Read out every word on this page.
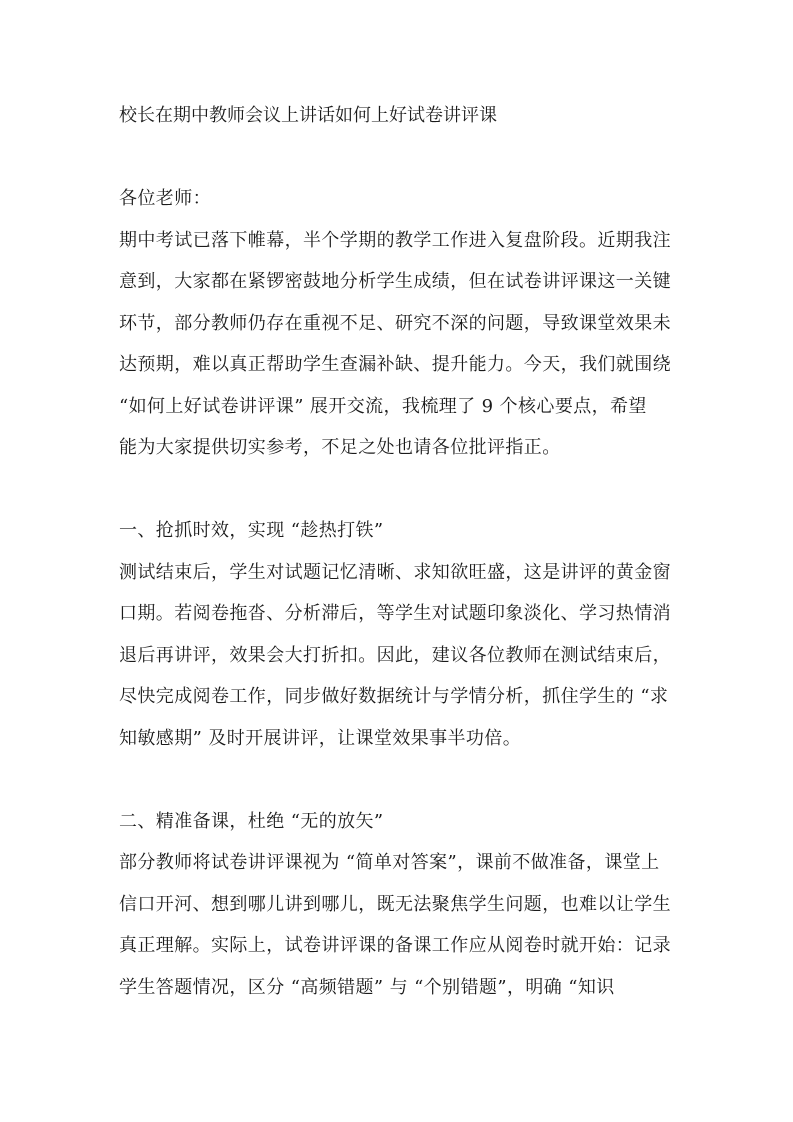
校长在期中教师会议上讲话如何上好试卷讲评课
各位老师：
期中考试已落下帷幕，半个学期的教学工作进入复盘阶段。近期我注
意到，大家都在紧锣密鼓地分析学生成绩，但在试卷讲评课这一关键
环节，部分教师仍存在重视不足、研究不深的问题，导致课堂效果未
达预期，难以真正帮助学生查漏补缺、提升能力。今天，我们就围绕
“如何上好试卷讲评课” 展开交流，我梳理了 9 个核心要点，希望
能为大家提供切实参考，不足之处也请各位批评指正。
一、抢抓时效，实现 “趁热打铁”
测试结束后，学生对试题记忆清晰、求知欲旺盛，这是讲评的黄金窗
口期。若阅卷拖沓、分析滞后，等学生对试题印象淡化、学习热情消
退后再讲评，效果会大打折扣。因此，建议各位教师在测试结束后，
尽快完成阅卷工作，同步做好数据统计与学情分析，抓住学生的 “求
知敏感期” 及时开展讲评，让课堂效果事半功倍。
二、精准备课，杜绝 “无的放矢”
部分教师将试卷讲评课视为 “简单对答案”，课前不做准备，课堂上
信口开河、想到哪儿讲到哪儿，既无法聚焦学生问题，也难以让学生
真正理解。实际上，试卷讲评课的备课工作应从阅卷时就开始：记录
学生答题情况，区分 “高频错题” 与 “个别错题”，明确 “知识
